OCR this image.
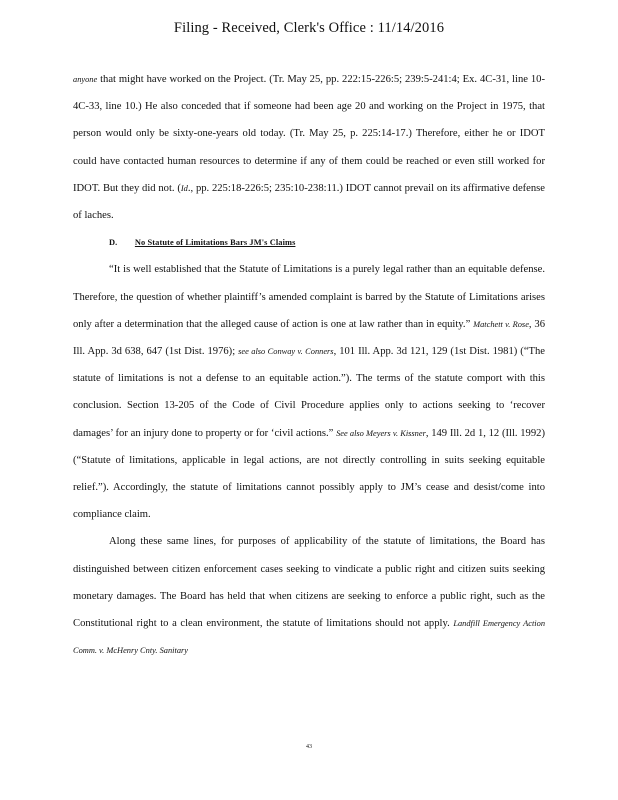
Filing - Received, Clerk's Office : 11/14/2016

anyone that might have worked on the Project. (Tr. May 25, pp. 222:15-226:5; 239:5-241:4; Ex. 4C-31, line 10- 4C-33, line 10.) He also conceded that if someone had been age 20 and working on the Project in 1975, that person would only be sixty-one-years old today. (Tr. May 25, p. 225:14-17.) Therefore, either he or IDOT could have contacted human resources to determine if any of them could be reached or even still worked for IDOT. But they did not. (Id., pp. 225:18-226:5; 235:10-238:11.) IDOT cannot prevail on its affirmative defense of laches.

D. No Statute of Limitations Bars JM's Claims

“It is well established that the Statute of Limitations is a purely legal rather than an equitable defense. Therefore, the question of whether plaintiff’s amended complaint is barred by the Statute of Limitations arises only after a determination that the alleged cause of action is one at law rather than in equity.” Matchett v. Rose, 36 Ill. App. 3d 638, 647 (1st Dist. 1976); see also Conway v. Conners, 101 Ill. App. 3d 121, 129 (1st Dist. 1981) (“The statute of limitations is not a defense to an equitable action.”). The terms of the statute comport with this conclusion. Section 13-205 of the Code of Civil Procedure applies only to actions seeking to ‘recover damages’ for an injury done to property or for ‘civil actions.” See also Meyers v. Kissner, 149 Ill. 2d 1, 12 (Ill. 1992) (“Statute of limitations, applicable in legal actions, are not directly controlling in suits seeking equitable relief.”). Accordingly, the statute of limitations cannot possibly apply to JM’s cease and desist/come into compliance claim.

Along these same lines, for purposes of applicability of the statute of limitations, the Board has distinguished between citizen enforcement cases seeking to vindicate a public right and citizen suits seeking monetary damages. The Board has held that when citizens are seeking to enforce a public right, such as the Constitutional right to a clean environment, the statute of limitations should not apply. Landfill Emergency Action Comm. v. McHenry Cnty. Sanitary

43
